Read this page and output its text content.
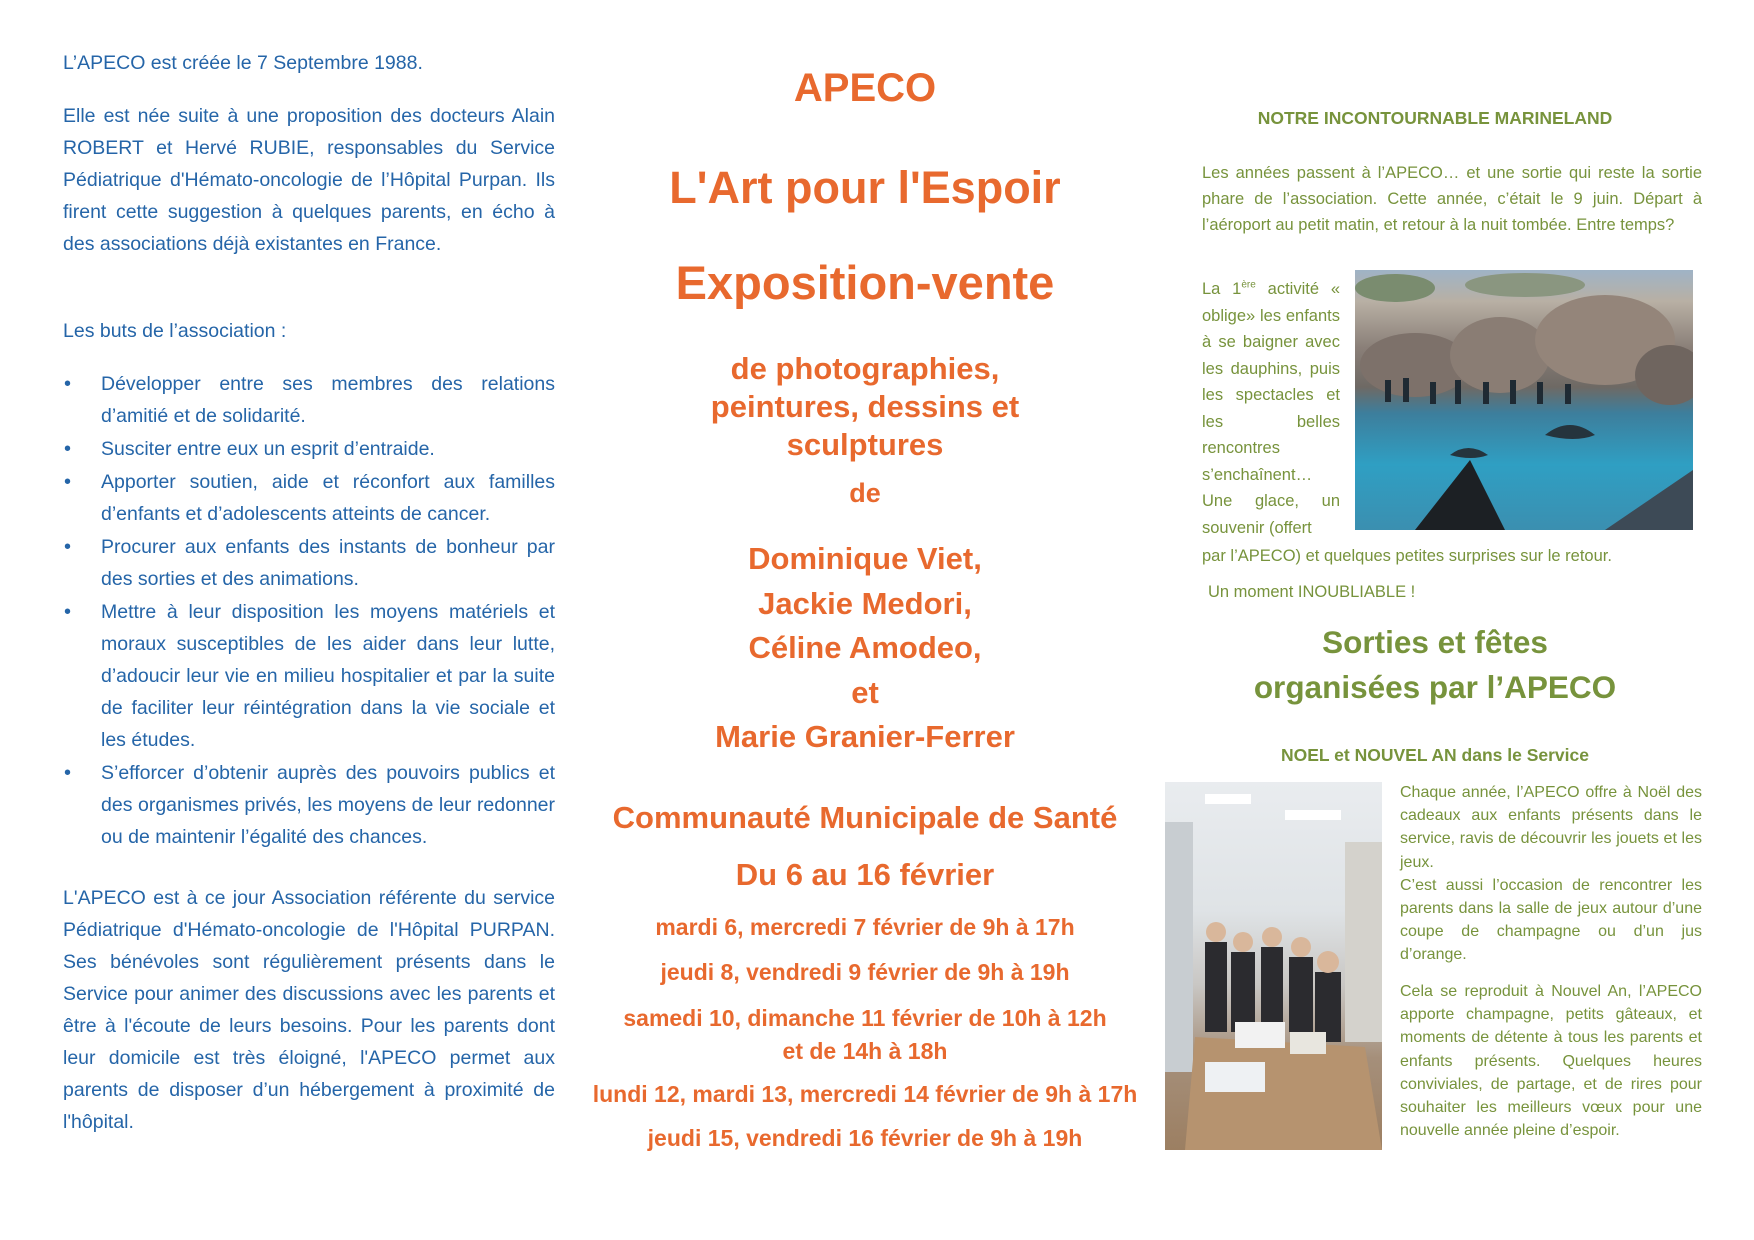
L’APECO est créée le 7 Septembre 1988.

Elle est née suite à une proposition des docteurs Alain ROBERT et Hervé RUBIE, responsables du Service Pédiatrique d'Hémato-oncologie de l’Hôpital Purpan. Ils firent cette suggestion à quelques parents, en écho à des associations déjà existantes en France.

Les buts de l’association :

• Développer entre ses membres des relations d’amitié et de solidarité.
• Susciter entre eux un esprit d’entraide.
• Apporter soutien, aide et réconfort aux familles d’enfants et d’adolescents atteints de cancer.
• Procurer aux enfants des instants de bonheur par des sorties et des animations.
• Mettre à leur disposition les moyens matériels et moraux susceptibles de les aider dans leur lutte, d’adoucir leur vie en milieu hospitalier et par la suite de faciliter leur réintégration dans la vie sociale et les études.
• S’efforcer d’obtenir auprès des pouvoirs publics et des organismes privés, les moyens de leur redonner ou de maintenir l’égalité des chances.

L'APECO est à ce jour Association référente du service Pédiatrique d'Hémato-oncologie de l'Hôpital PURPAN. Ses bénévoles sont régulièrement présents dans le Service pour animer des discussions avec les parents et être à l'écoute de leurs besoins. Pour les parents dont leur domicile est très éloigné, l'APECO permet aux parents de disposer d’un hébergement à proximité de l'hôpital.

APECO
L'Art pour l'Espoir
Exposition-vente
de photographies,
peintures, dessins et
sculptures
de
Dominique Viet,
Jackie Medori,
Céline Amodeo,
et
Marie Granier-Ferrer
Communauté Municipale de Santé
Du 6 au 16 février
mardi 6, mercredi 7 février de 9h à 17h
jeudi 8, vendredi 9 février de 9h à 19h
samedi 10, dimanche 11 février de 10h à 12h
et de 14h à 18h
lundi 12, mardi 13, mercredi 14 février de 9h à 17h
jeudi 15, vendredi 16 février de 9h à 19h

NOTRE INCONTOURNABLE MARINELAND

Les années passent à l’APECO… et une sortie qui reste la sortie phare de l’association. Cette année, c’était le 9 juin. Départ à l’aéroport au petit matin, et retour à la nuit tombée. Entre temps?

La 1ère activité « oblige» les enfants à se baigner avec les dauphins, puis les spectacles et les belles rencontres s’enchaînent… Une glace, un souvenir (offert

par l’APECO) et quelques petites surprises sur le retour.

Un moment INOUBLIABLE !

Sorties et fêtes
organisées par l’APECO

NOEL et NOUVEL AN dans le Service

Chaque année, l’APECO offre à Noël des cadeaux aux enfants présents dans le service, ravis de découvrir les jouets et les jeux.
C’est aussi l’occasion de rencontrer les parents dans la salle de jeux autour d’une coupe de champagne ou d’un jus d’orange.

Cela se reproduit à Nouvel An, l’APECO apporte champagne, petits gâteaux, et moments de détente à tous les parents et enfants présents. Quelques heures conviviales, de partage, et de rires pour souhaiter les meilleurs vœux pour une nouvelle année pleine d’espoir.
